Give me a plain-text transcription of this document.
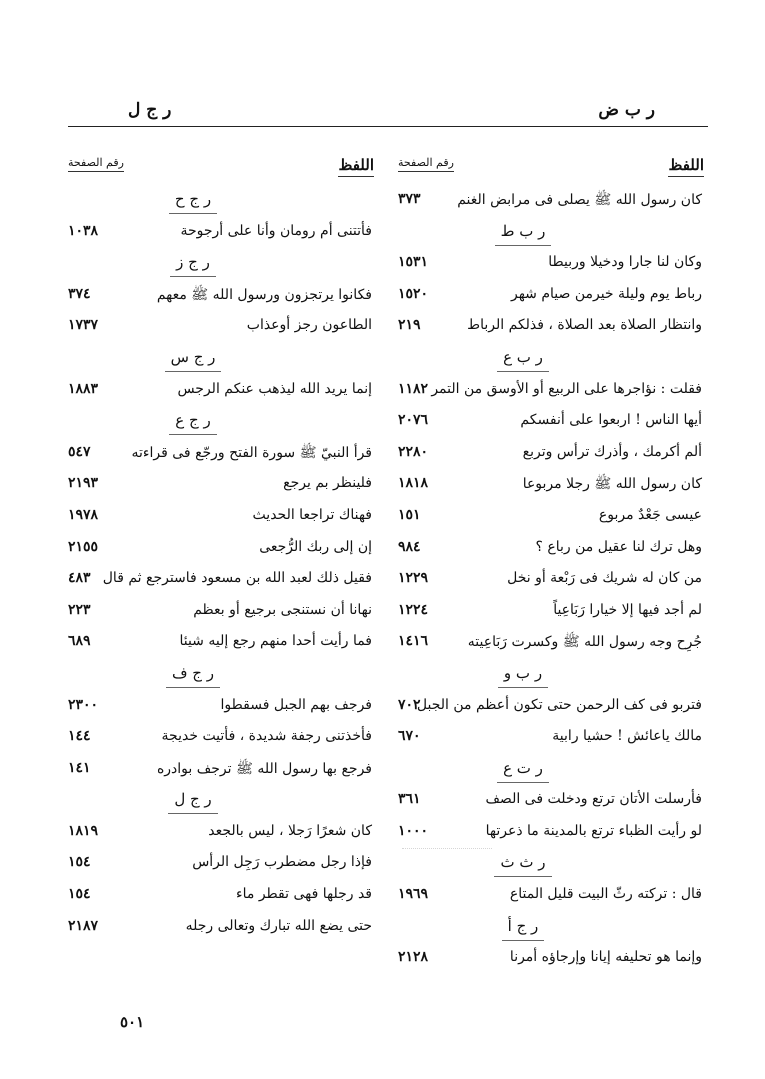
ر ب ض
ر ج ل
اللفظ
رقم الصفحة
كان رسول الله ﷺ يصلى فى مرابض الغنم
٣٧٣
ر ب ط
وكان لنا جارا ودخيلا وربيطا
١٥٣١
رباط يوم وليلة خيرمن صيام شهر
١٥٢٠
وانتظار الصلاة بعد الصلاة ، فذلكم الرباط
٢١٩
ر ب ع
فقلت : نؤاجرها على الربيع أو الأوسق من التمر
١١٨٢
أيها الناس ! اربعوا على أنفسكم
٢٠٧٦
ألم أكرمك ، وأذرك ترأس وتربع
٢٢٨٠
كان رسول الله ﷺ رجلا مربوعا
١٨١٨
عيسى جَعْدٌ مربوع
١٥١
وهل ترك لنا عقيل من رباع ؟
٩٨٤
من كان له شريك فى رَبْعة أو نخل
١٢٢٩
لم أجد فيها إلا خيارا رَبَاعِياً
١٢٢٤
جُرِح وجه رسول الله ﷺ وكسرت رَبَاعِيته
١٤١٦
ر ب و
فتربو فى كف الرحمن حتى تكون أعظم من الجبل
٧٠٢
مالك ياعائش ! حشيا رابية
٦٧٠
ر ت ع
فأرسلت الأتان ترتع ودخلت فى الصف
٣٦١
لو رأيت الظباء ترتع بالمدينة ما ذعرتها
١٠٠٠
ر ث ث
قال : تركته رثّ البيت قليل المتاع
١٩٦٩
ر ج أ
وإنما هو تحليفه إيانا وإرجاؤه أمرنا
٢١٢٨
اللفظ
رقم الصفحة
ر ج ح
فأتتنى أم رومان وأنا على أرجوحة
١٠٣٨
ر ج ز
فكانوا يرتجزون ورسول الله ﷺ معهم
٣٧٤
الطاعون رجز أوعذاب
١٧٣٧
ر ج س
إنما يريد الله ليذهب عنكم الرجس
١٨٨٣
ر ج ع
قرأ النبيّ ﷺ سورة الفتح ورجّع فى قراءته
٥٤٧
فلينظر بم يرجع
٢١٩٣
فهناك تراجعا الحديث
١٩٧٨
إن إلى ربك الرُّجعى
٢١٥٥
فقيل ذلك لعبد الله بن مسعود فاسترجع ثم قال
٤٨٣
نهانا أن نستنجى برجيع أو بعظم
٢٢٣
فما رأيت أحدا منهم رجع إليه شيئا
٦٨٩
ر ج ف
فرجف بهم الجبل فسقطوا
٢٣٠٠
فأخذتنى رجفة شديدة ، فأتيت خديجة
١٤٤
فرجع بها رسول الله ﷺ ترجف بوادره
١٤١
ر ج ل
كان شعرًا رَجلا ، ليس بالجعد
١٨١٩
فإذا رجل مضطرب رَجِل الرأس
١٥٤
قد رجلها فهى تقطر ماء
١٥٤
حتى يضع الله تبارك وتعالى رجله
٢١٨٧
٥٠١
